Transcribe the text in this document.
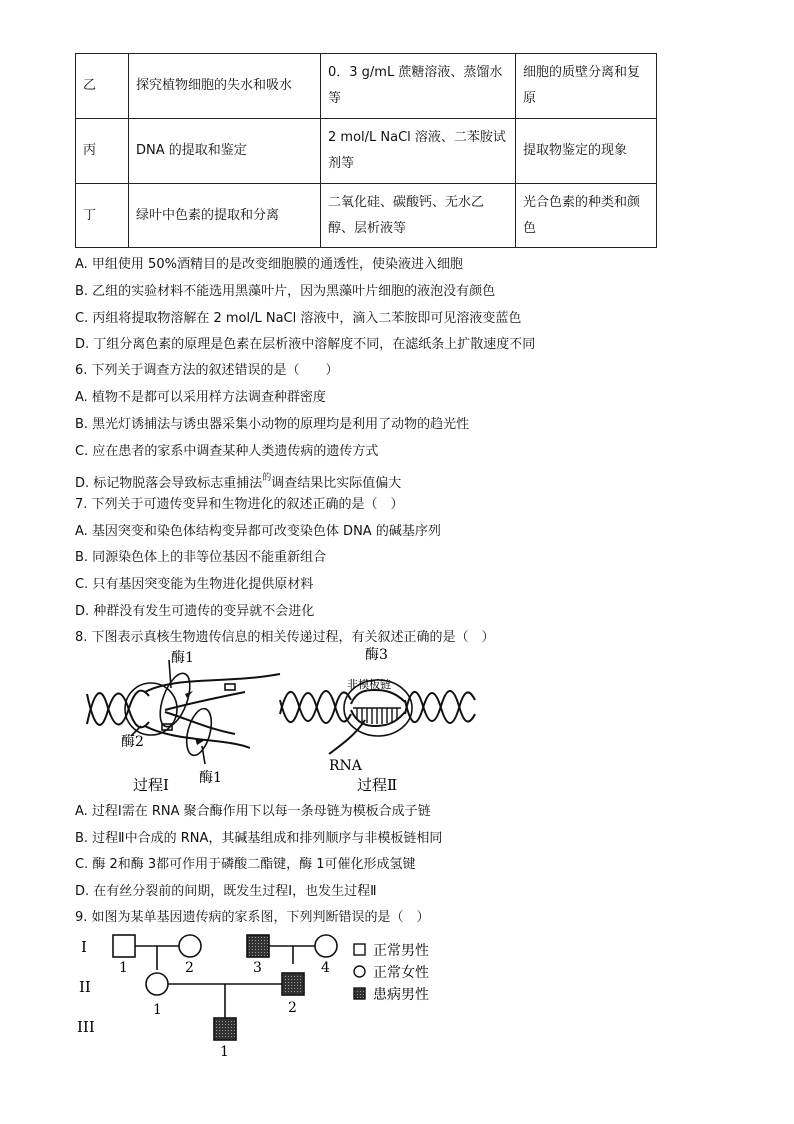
乙	探究植物细胞的失水和吸水	0．3 g/mL 蔗糖溶液、蒸馏水等	细胞的质壁分离和复原
丙	DNA 的提取和鉴定	2 mol/L NaCl 溶液、二苯胺试剂等	提取物鉴定的现象
丁	绿叶中色素的提取和分离	二氧化硅、碳酸钙、无水乙醇、层析液等	光合色素的种类和颜色
A. 甲组使用 50%酒精目的是改变细胞膜的通透性，使染液进入细胞
B. 乙组的实验材料不能选用黑藻叶片，因为黑藻叶片细胞的液泡没有颜色
C. 丙组将提取物溶解在 2 mol/L NaCl 溶液中，滴入二苯胺即可见溶液变蓝色
D. 丁组分离色素的原理是色素在层析液中溶解度不同，在滤纸条上扩散速度不同
6. 下列关于调查方法的叙述错误的是（　　）
A. 植物不是都可以采用样方法调查种群密度
B. 黑光灯诱捕法与诱虫器采集小动物的原理均是利用了动物的趋光性
C. 应在患者的家系中调查某种人类遗传病的遗传方式
D. 标记物脱落会导致标志重捕法$^的$调查结果比实际值偏大
7. 下列关于可遗传变异和生物进化的叙述正确的是（　）
A. 基因突变和染色体结构变异都可改变染色体 DNA 的碱基序列
B. 同源染色体上的非等位基因不能重新组合
C. 只有基因突变能为生物进化提供原材料
D. 种群没有发生可遗传的变异就不会进化
8. 下图表示真核生物遗传信息的相关传递过程，有关叙述正确的是（　）
酶1
酶2
酶1
过程Ⅰ
酶3
非模板链
RNA
过程Ⅱ
A. 过程Ⅰ需在 RNA 聚合酶作用下以每一条母链为模板合成子链
B. 过程Ⅱ中合成的 RNA，其碱基组成和排列顺序与非模板链相同
C. 酶 2和酶 3都可作用于磷酸二酯键，酶 1可催化形成氢键
D. 在有丝分裂前的间期，既发生过程Ⅰ，也发生过程Ⅱ
9. 如图为某单基因遗传病的家系图，下列判断错误的是（　）
I
II
III
1	2	3	4
1	2
1
正常男性
正常女性
患病男性
